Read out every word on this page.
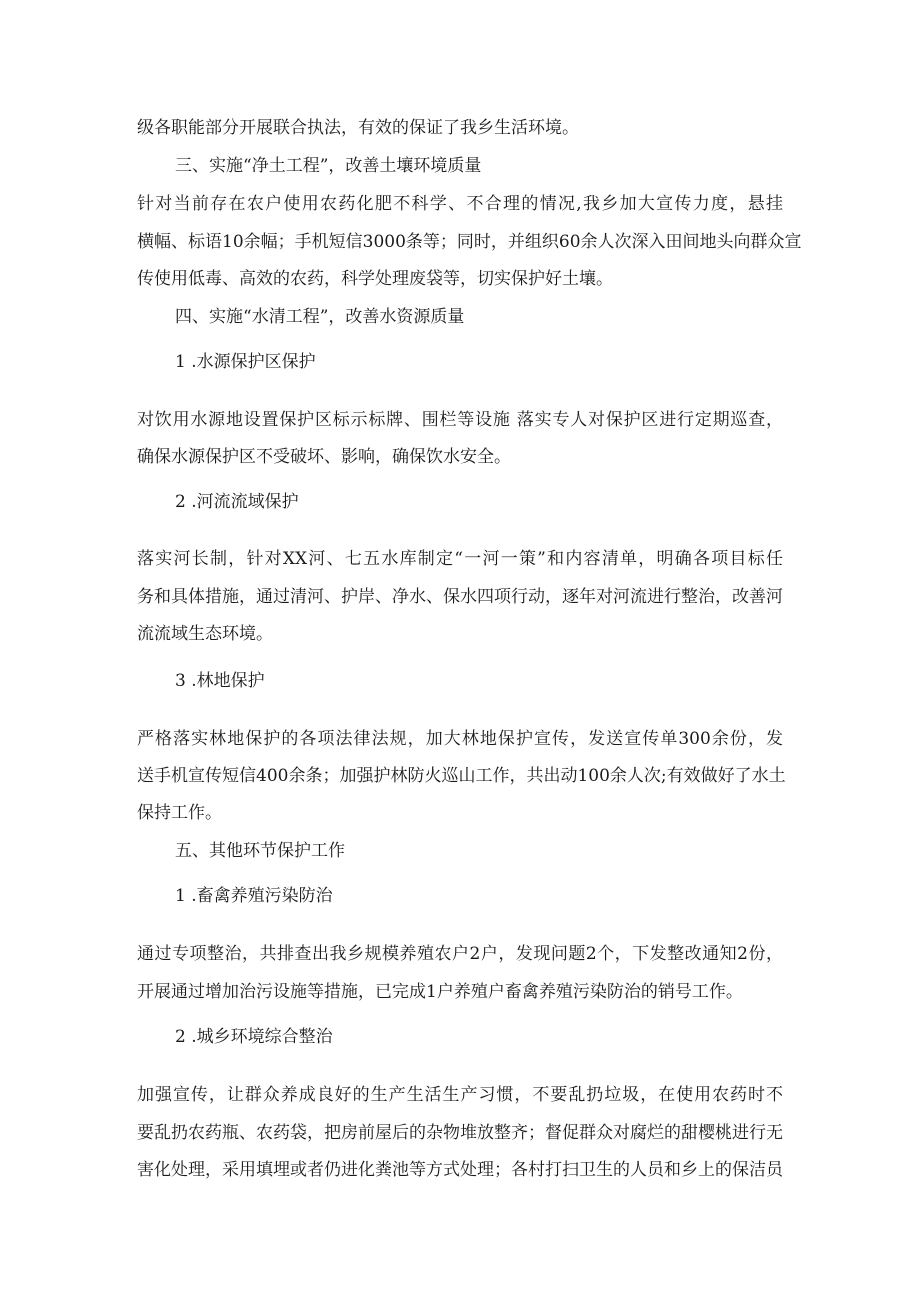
级各职能部分开展联合执法，有效的保证了我乡生活环境。

三、实施“净土工程”，改善土壤环境质量

针对当前存在农户使用农药化肥不科学、不合理的情况,我乡加大宣传力度，悬挂

横幅、标语10余幅；手机短信3000条等；同时，并组织60余人次深入田间地头向群众宣

传使用低毒、高效的农药，科学处理废袋等，切实保护好土壤。

四、实施“水清工程”，改善水资源质量

1 .水源保护区保护

对饮用水源地设置保护区标示标牌、围栏等设施 落实专人对保护区进行定期巡查，

确保水源保护区不受破坏、影响，确保饮水安全。

2 .河流流域保护

落实河长制，针对XX河、七五水库制定“一河一策”和内容清单，明确各项目标任

务和具体措施，通过清河、护岸、净水、保水四项行动，逐年对河流进行整治，改善河

流流域生态环境。

3 .林地保护

严格落实林地保护的各项法律法规，加大林地保护宣传，发送宣传单300余份，发

送手机宣传短信400余条；加强护林防火巡山工作，共出动100余人次;有效做好了水土

保持工作。

五、其他环节保护工作

1 .畜禽养殖污染防治

通过专项整治，共排查出我乡规模养殖农户2户，发现问题2个，下发整改通知2份，

开展通过增加治污设施等措施，已完成1户养殖户畜禽养殖污染防治的销号工作。

2 .城乡环境综合整治

加强宣传，让群众养成良好的生产生活生产习惯，不要乱扔垃圾，在使用农药时不

要乱扔农药瓶、农药袋，把房前屋后的杂物堆放整齐；督促群众对腐烂的甜樱桃进行无

害化处理，采用填埋或者仍进化粪池等方式处理；各村打扫卫生的人员和乡上的保洁员
